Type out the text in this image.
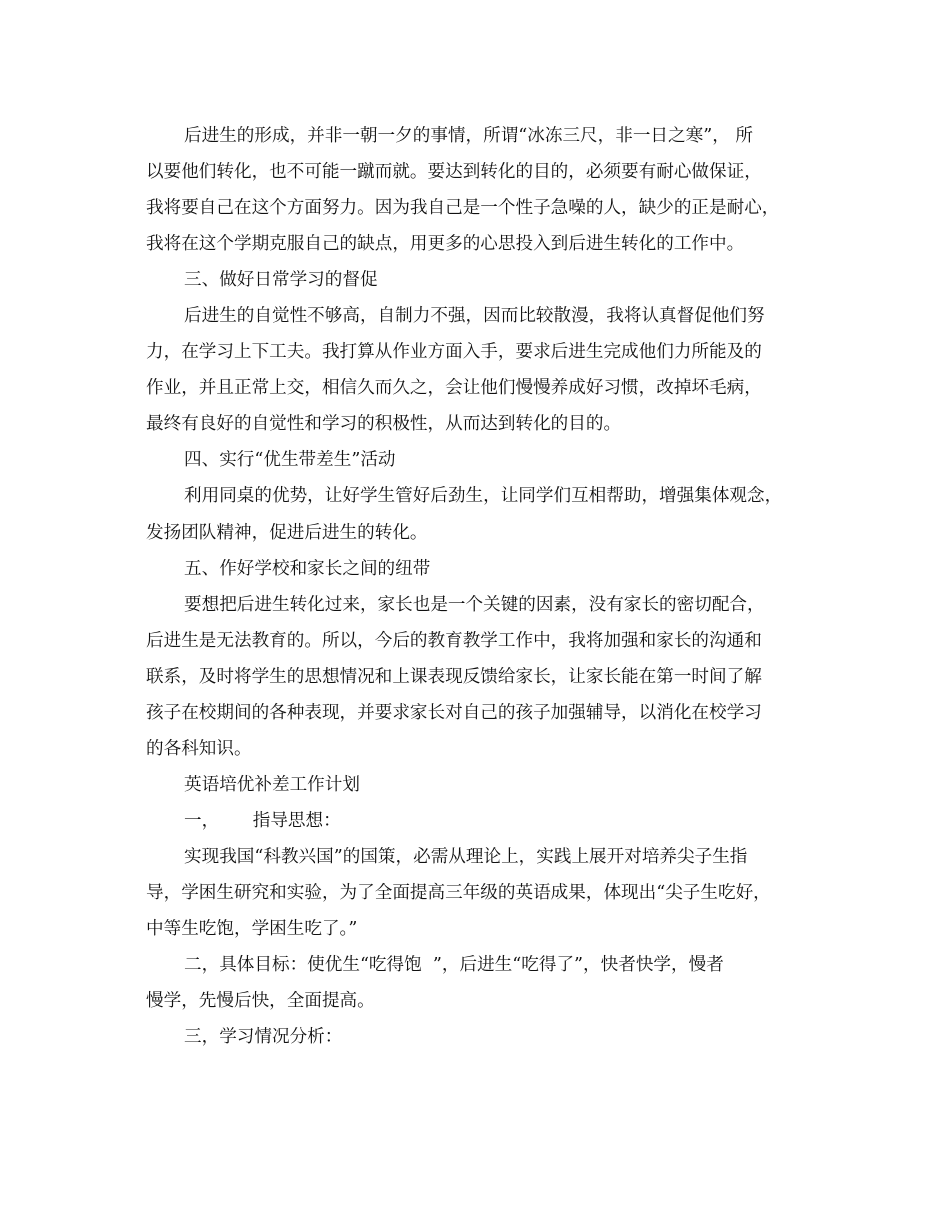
后进生的形成，并非一朝一夕的事情，所谓“冰冻三尺，非一日之寒”， 所
以要他们转化，也不可能一蹴而就。要达到转化的目的，必须要有耐心做保证，
我将要自己在这个方面努力。因为我自己是一个性子急噪的人，缺少的正是耐心，
我将在这个学期克服自己的缺点，用更多的心思投入到后进生转化的工作中。
三、做好日常学习的督促
后进生的自觉性不够高，自制力不强，因而比较散漫，我将认真督促他们努
力，在学习上下工夫。我打算从作业方面入手，要求后进生完成他们力所能及的
作业，并且正常上交，相信久而久之，会让他们慢慢养成好习惯，改掉坏毛病，
最终有良好的自觉性和学习的积极性，从而达到转化的目的。
四、实行“优生带差生”活动
利用同桌的优势，让好学生管好后劲生，让同学们互相帮助，增强集体观念，
发扬团队精神，促进后进生的转化。
五、作好学校和家长之间的纽带
要想把后进生转化过来，家长也是一个关键的因素，没有家长的密切配合，
后进生是无法教育的。所以，今后的教育教学工作中，我将加强和家长的沟通和
联系，及时将学生的思想情况和上课表现反馈给家长，让家长能在第一时间了解
孩子在校期间的各种表现，并要求家长对自己的孩子加强辅导，以消化在校学习
的各科知识。
英语培优补差工作计划
一，      指导思想：
实现我国“科教兴国”的国策，必需从理论上，实践上展开对培养尖子生指
导，学困生研究和实验，为了全面提高三年级的英语成果，体现出“尖子生吃好，
中等生吃饱，学困生吃了。”
二，具体目标：使优生“吃得饱  ”，后进生“吃得了”，快者快学，慢者
慢学，先慢后快，全面提高。
三，学习情况分析：
